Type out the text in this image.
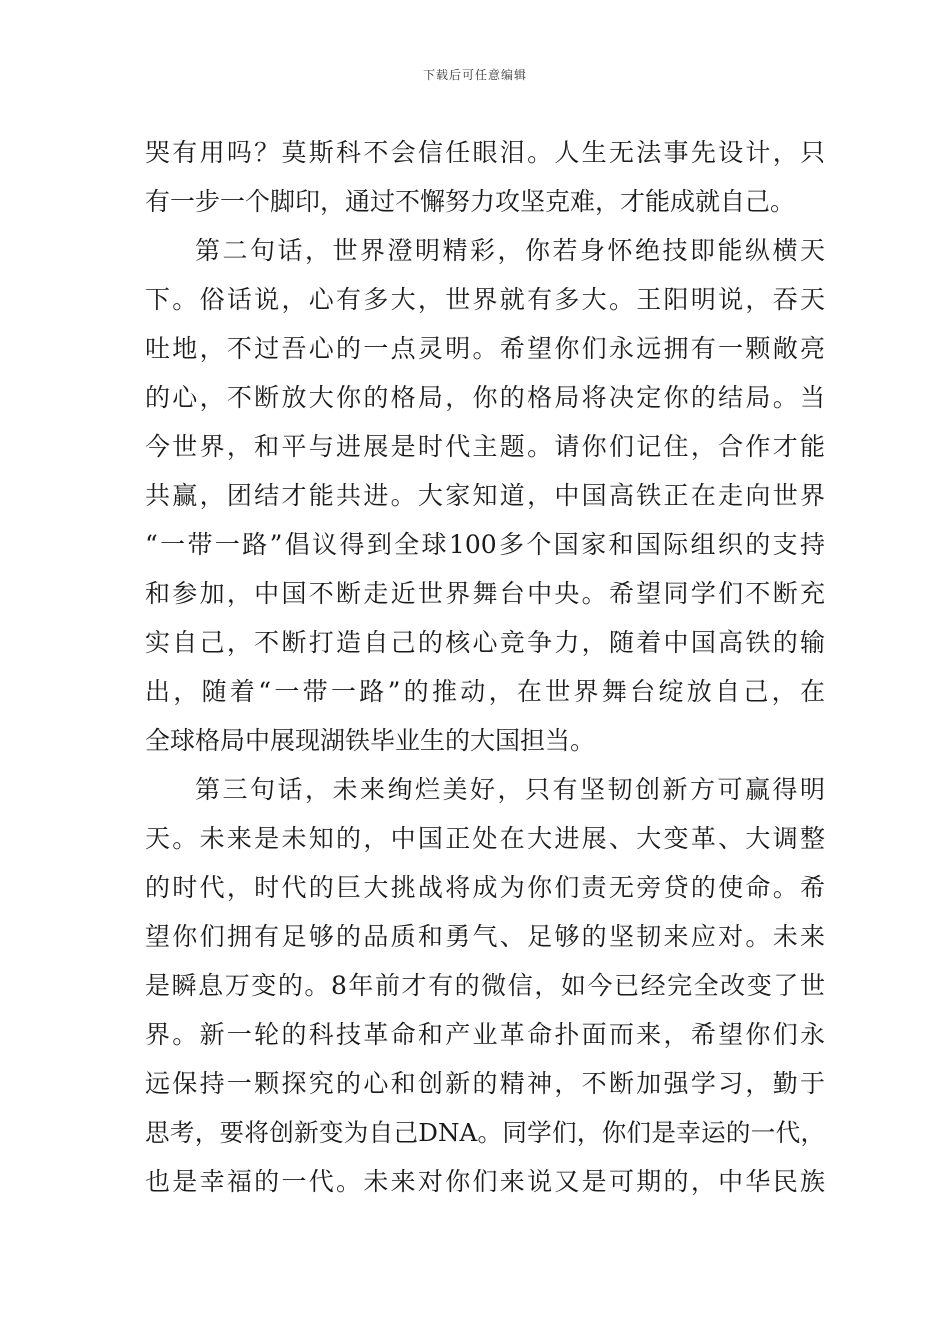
下载后可任意编辑
哭有用吗？莫斯科不会信任眼泪。人生无法事先设计，只
有一步一个脚印，通过不懈努力攻坚克难，才能成就自己。
第二句话，世界澄明精彩，你若身怀绝技即能纵横天
下。俗话说，心有多大，世界就有多大。王阳明说，吞天
吐地，不过吾心的一点灵明。希望你们永远拥有一颗敞亮
的心，不断放大你的格局，你的格局将决定你的结局。当
今世界，和平与进展是时代主题。请你们记住，合作才能
共赢，团结才能共进。大家知道，中国高铁正在走向世界
“一带一路”倡议得到全球100多个国家和国际组织的支持
和参加，中国不断走近世界舞台中央。希望同学们不断充
实自己，不断打造自己的核心竞争力，随着中国高铁的输
出，随着“一带一路”的推动，在世界舞台绽放自己，在
全球格局中展现湖铁毕业生的大国担当。
第三句话，未来绚烂美好，只有坚韧创新方可赢得明
天。未来是未知的，中国正处在大进展、大变革、大调整
的时代，时代的巨大挑战将成为你们责无旁贷的使命。希
望你们拥有足够的品质和勇气、足够的坚韧来应对。未来
是瞬息万变的。8年前才有的微信，如今已经完全改变了世
界。新一轮的科技革命和产业革命扑面而来，希望你们永
远保持一颗探究的心和创新的精神，不断加强学习，勤于
思考，要将创新变为自己DNA。同学们，你们是幸运的一代，
也是幸福的一代。未来对你们来说又是可期的，中华民族
